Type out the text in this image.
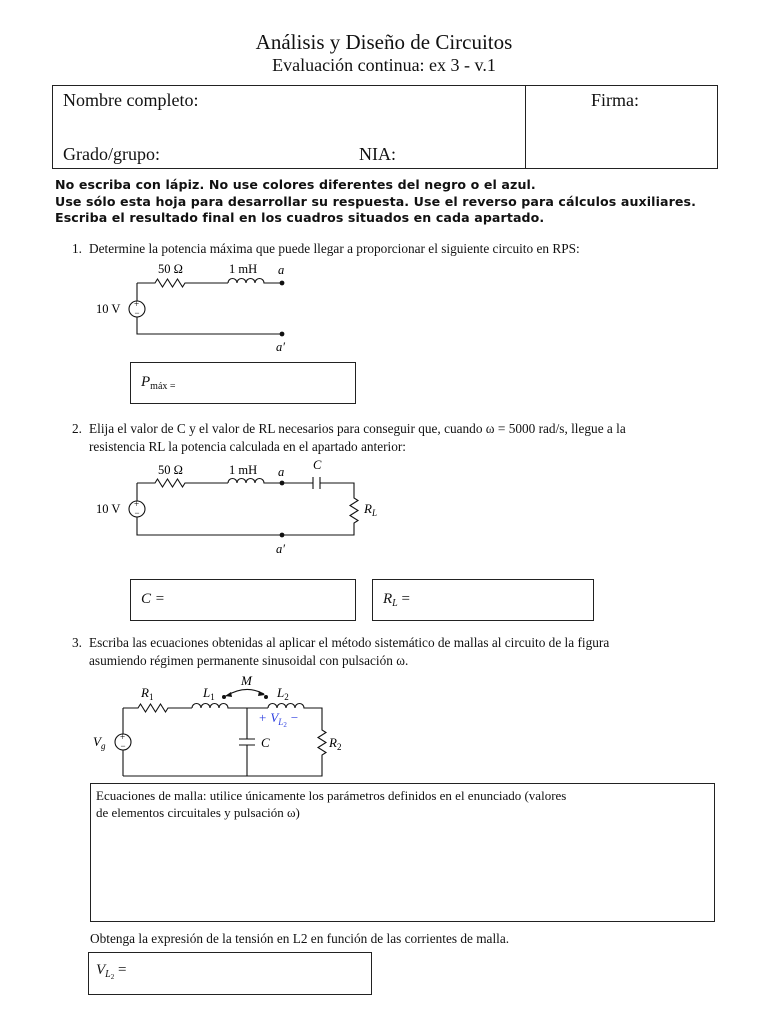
Análisis y Diseño de Circuitos
Evaluación continua: ex 3 - v.1
Nombre completo:	Firma:
Grado/grupo:	NIA:
No escriba con lápiz. No use colores diferentes del negro o el azul.
Use sólo esta hoja para desarrollar su respuesta. Use el reverso para cálculos auxiliares.
Escriba el resultado final en los cuadros situados en cada apartado.
1. Determine la potencia máxima que puede llegar a proporcionar el siguiente circuito en RPS:
+
−
50 Ω	1 mH
10 V
a
a′
$P_{máx =}$
2. Elija el valor de C y el valor de RL necesarios para conseguir que, cuando ω = 5000 rad/s, llegue a la
resistencia RL la potencia calculada en el apartado anterior:
+
−
50 Ω	1 mH
10 V
a
a′
C
$R_L$
C =	$R_L$ =
3. Escriba las ecuaciones obtenidas al aplicar el método sistemático de mallas al circuito de la figura
asumiendo régimen permanente sinusoidal con pulsación ω.
+
−
$R_1$	$L_1$
M
$L_2$
+ $V_L2$ −
$V_g$	C	$R_2$
Ecuaciones de malla: utilice únicamente los parámetros definidos en el enunciado (valores
de elementos circuitales y pulsación ω)
Obtenga la expresión de la tensión en L2 en función de las corrientes de malla.
$V_{L2}$ =
